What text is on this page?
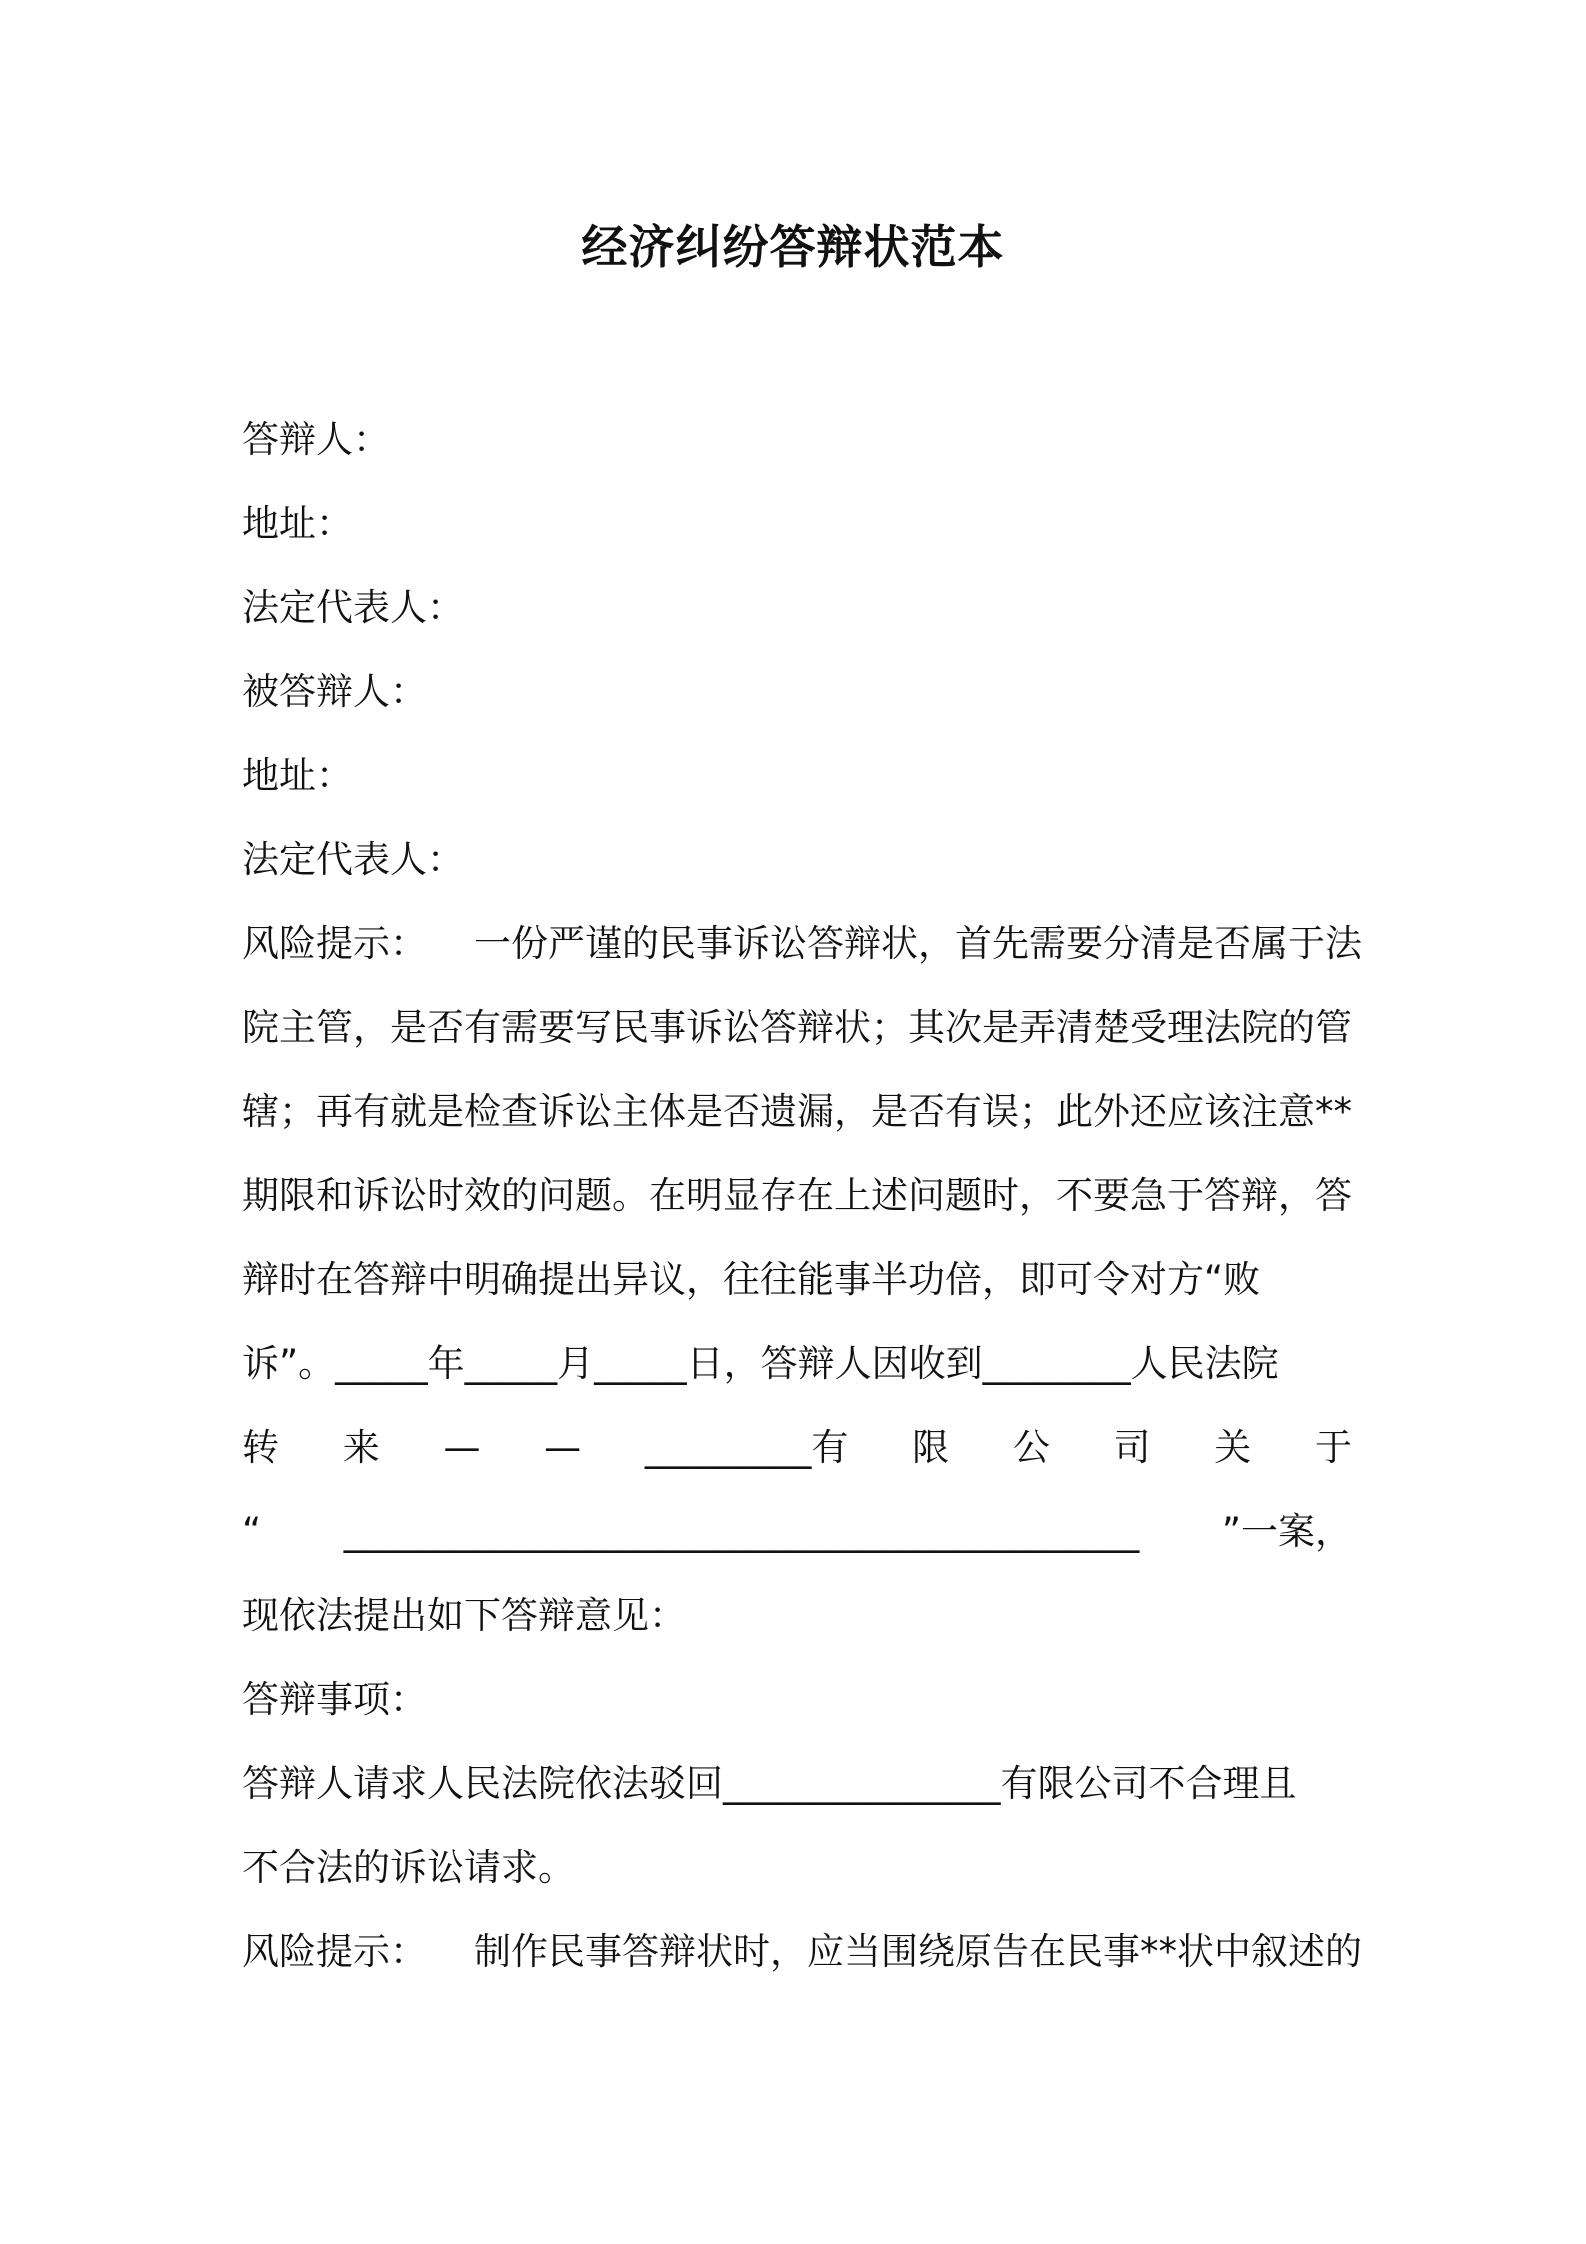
经济纠纷答辩状范本
答辩人：
地址：
法定代表人：
被答辩人：
地址：
法定代表人：
风险提示：    一份严谨的民事诉讼答辩状，首先需要分清是否属于法
院主管，是否有需要写民事诉讼答辩状；其次是弄清楚受理法院的管
辖；再有就是检查诉讼主体是否遗漏，是否有误；此外还应该注意**
期限和诉讼时效的问题。在明显存在上述问题时，不要急于答辩，答
辩时在答辩中明确提出异议，往往能事半功倍，即可令对方“败
诉”。_____年_____月_____日，答辩人因收到________人民法院
转 来 — — _________有 限 公 司 关 于
“ ___________________________________________ ”一案，
现依法提出如下答辩意见：
答辩事项：
答辩人请求人民法院依法驳回_______________有限公司不合理且
不合法的诉讼请求。
风险提示：    制作民事答辩状时，应当围绕原告在民事**状中叙述的
